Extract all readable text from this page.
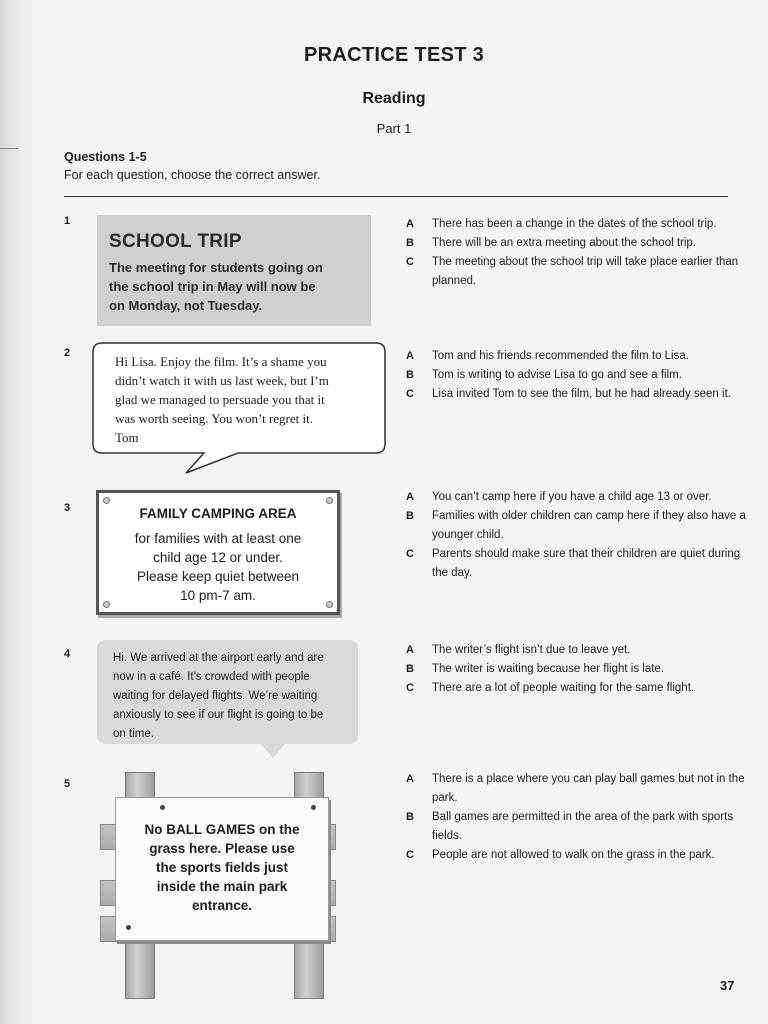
PRACTICE TEST 3
Reading
Part 1
Questions 1-5
For each question, choose the correct answer.
1
SCHOOL TRIP
The meeting for students going on
the school trip in May will now be
on Monday, not Tuesday.
A	There has been a change in the dates of the school trip.
B	There will be an extra meeting about the school trip.
C	The meeting about the school trip will take place earlier than planned.
2
Hi Lisa. Enjoy the film. It’s a shame you
didn’t watch it with us last week, but I’m
glad we managed to persuade you that it
was worth seeing. You won’t regret it.
Tom
A	Tom and his friends recommended the film to Lisa.
B	Tom is writing to advise Lisa to go and see a film.
C	Lisa invited Tom to see the film, but he had already seen it.
3	FAMILY CAMPING AREA
for families with at least one
child age 12 or under.
Please keep quiet between
10 pm-7 am.
A	You can’t camp here if you have a child age 13 or over.
B	Families with older children can camp here if they also have a younger child.
C	Parents should make sure that their children are quiet during the day.
4	Hi. We arrived at the airport early and are
now in a café. It’s crowded with people
waiting for delayed flights. We’re waiting
anxiously to see if our flight is going to be
on time.
A	The writer’s flight isn’t due to leave yet.
B	The writer is waiting because her flight is late.
C	There are a lot of people waiting for the same flight.
5
No BALL GAMES on the
grass here. Please use
the sports fields just
inside the main park
entrance.
A	There is a place where you can play ball games but not in the park.
B	Ball games are permitted in the area of the park with sports fields.
C	People are not allowed to walk on the grass in the park.
37
